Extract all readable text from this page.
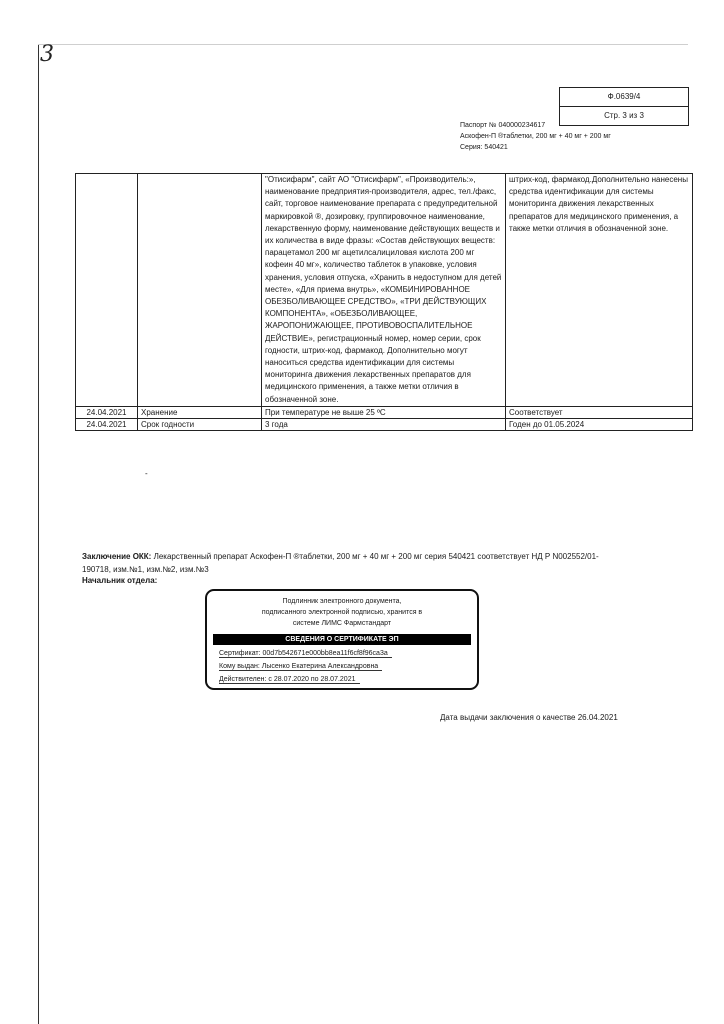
3
Ф.0639/4
Стр. 3 из 3
Паспорт № 040000234617
Аскофен-П ®таблетки, 200 мг + 40 мг + 200 мг
Серия: 540421
		"Отисифарм", сайт АО "Отисифарм", «Производитель:», наименование предприятия-производителя, адрес, тел./факс, сайт, торговое наименование препарата с предупредительной маркировкой ®, дозировку, группировочное наименование, лекарственную форму, наименование действующих веществ и их количества в виде фразы: «Состав действующих веществ: парацетамол 200 мг ацетилсалициловая кислота 200 мг кофеин 40 мг», количество таблеток в упаковке, условия хранения, условия отпуска, «Хранить в недоступном для детей месте», «Для приема внутрь», «КОМБИНИРОВАННОЕ ОБЕЗБОЛИВАЮЩЕЕ СРЕДСТВО», «ТРИ ДЕЙСТВУЮЩИХ КОМПОНЕНТА», «ОБЕЗБОЛИВАЮЩЕЕ, ЖАРОПОНИЖАЮЩЕЕ, ПРОТИВОВОСПАЛИТЕЛЬНОЕ ДЕЙСТВИЕ», регистрационный номер, номер серии, срок годности, штрих-код, фармакод. Дополнительно могут наноситься средства идентификации для системы мониторинга движения лекарственных препаратов для медицинского применения, а также метки отличия в обозначенной зоне.	штрих-код, фармакод.Дополнительно нанесены средства идентификации для системы мониторинга движения лекарственных препаратов для медицинского применения, а также метки отличия в обозначенной зоне.
24.04.2021	Хранение	При температуре не выше 25 ºС	Соответствует
24.04.2021	Срок годности	3 года	Годен до 01.05.2024
-
Заключение ОКК: Лекарственный препарат Аскофен-П ®таблетки, 200 мг + 40 мг + 200 мг серия 540421 соответствует НД Р N002552/01-190718, изм.№1, изм.№2, изм.№3
Начальник отдела:
Подлинник электронного документа,
подписанного электронной подписью, хранится в
системе ЛИМС Фармстандарт
СВЕДЕНИЯ О СЕРТИФИКАТЕ ЭП
Сертификат: 00d7b542671e000bb8ea11f6cf8f96ca3a
Кому выдан: Лысенко Екатерина Александровна
Действителен: с 28.07.2020 по 28.07.2021
Дата выдачи заключения о качестве 26.04.2021
